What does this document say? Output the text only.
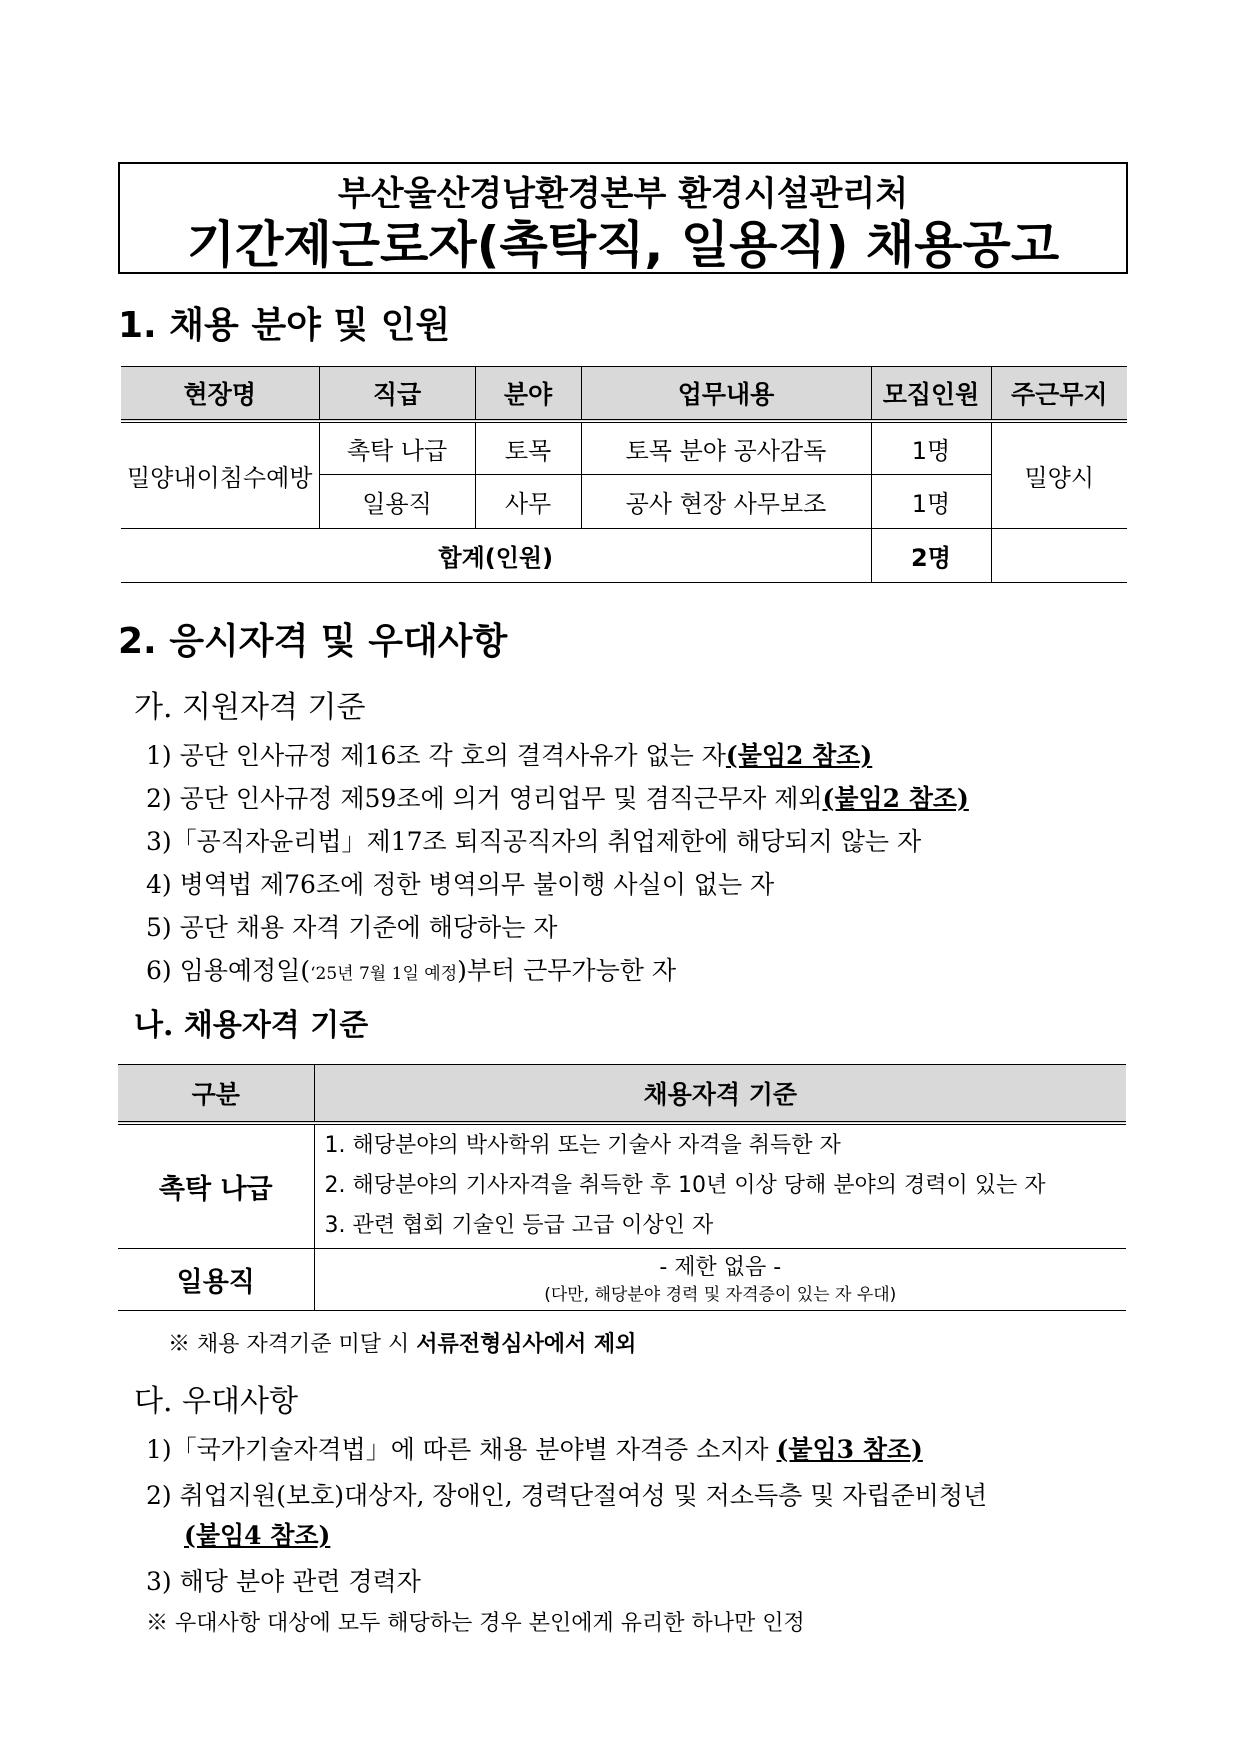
부산울산경남환경본부 환경시설관리처
기간제근로자(촉탁직, 일용직) 채용공고
1. 채용 분야 및 인원
현장명	직급	분야	업무내용	모집인원	주근무지
밀양내이침수예방	촉탁 나급	토목	토목 분야 공사감독	1명	밀양시
	일용직	사무	공사 현장 사무보조	1명	
합계(인원)				2명	
2. 응시자격 및 우대사항
가. 지원자격 기준
1) 공단 인사규정 제16조 각 호의 결격사유가 없는 자(붙임2 참조)
2) 공단 인사규정 제59조에 의거 영리업무 및 겸직근무자 제외(붙임2 참조)
3)「공직자윤리법」제17조 퇴직공직자의 취업제한에 해당되지 않는 자
4) 병역법 제76조에 정한 병역의무 불이행 사실이 없는 자
5) 공단 채용 자격 기준에 해당하는 자
6) 임용예정일(‘25년 7월 1일 예정)부터 근무가능한 자
나. 채용자격 기준
구분	채용자격 기준
촉탁 나급	1. 해당분야의 박사학위 또는 기술사 자격을 취득한 자
2. 해당분야의 기사자격을 취득한 후 10년 이상 당해 분야의 경력이 있는 자
3. 관련 협회 기술인 등급 고급 이상인 자

일용직	- 제한 없음 -
(다만, 해당분야 경력 및 자격증이 있는 자 우대)
※ 채용 자격기준 미달 시 서류전형심사에서 제외
다. 우대사항
1)「국가기술자격법」에 따른 채용 분야별 자격증 소지자 (붙임3 참조)
2) 취업지원(보호)대상자, 장애인, 경력단절여성 및 저소득층 및 자립준비청년
(붙임4 참조)
3) 해당 분야 관련 경력자
※ 우대사항 대상에 모두 해당하는 경우 본인에게 유리한 하나만 인정
